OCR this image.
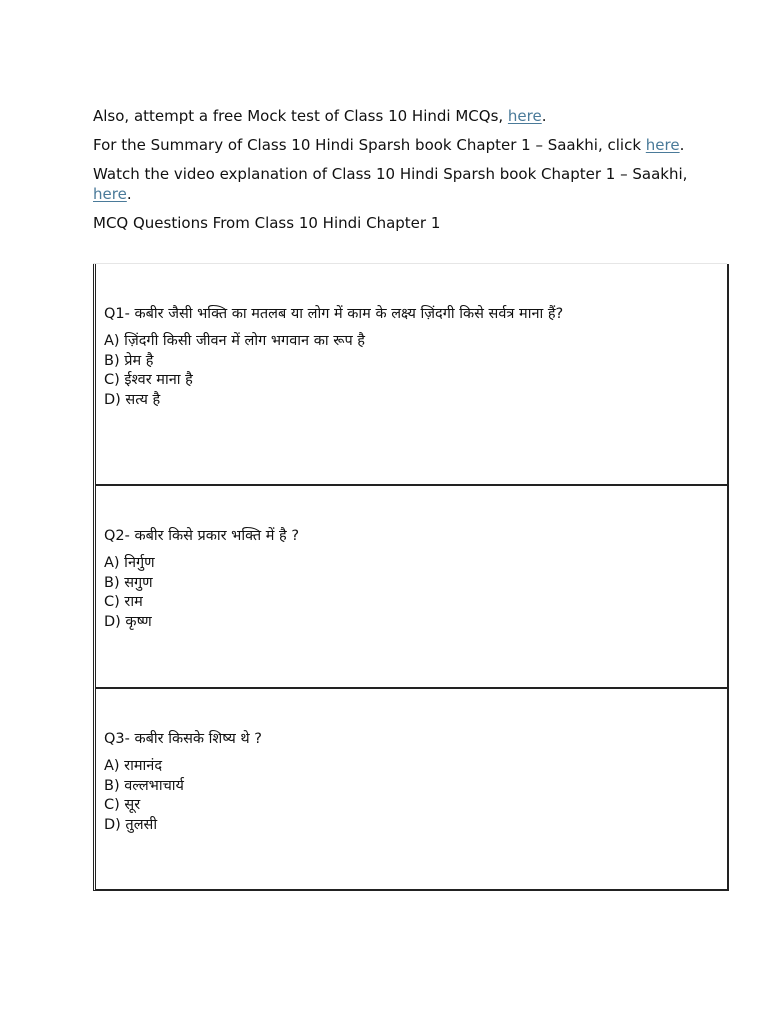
Also, attempt a free Mock test of Class 10 Hindi MCQs, here.

For the Summary of Class 10 Hindi Sparsh book Chapter 1 – Saakhi, click here.

Watch the video explanation of Class 10 Hindi Sparsh book Chapter 1 – Saakhi, here.

MCQ Questions From Class 10 Hindi Chapter 1

Q1- कबीर जैसी भक्ति का मतलब या लोग में काम के लक्ष्य ज़िंदगी किसे सर्वत्र माना हैं?

A) ज़िंदगी किसी जीवन में लोग भगवान का रूप है
B) प्रेम है
C) ईश्वर माना है
D) सत्य है

Q2- कबीर किसे प्रकार भक्ति में है ?

A) निर्गुण
B) सगुण
C) राम
D) कृष्ण

Q3- कबीर किसके शिष्य थे ?

A) रामानंद
B) वल्लभाचार्य
C) सूर
D) तुलसी
